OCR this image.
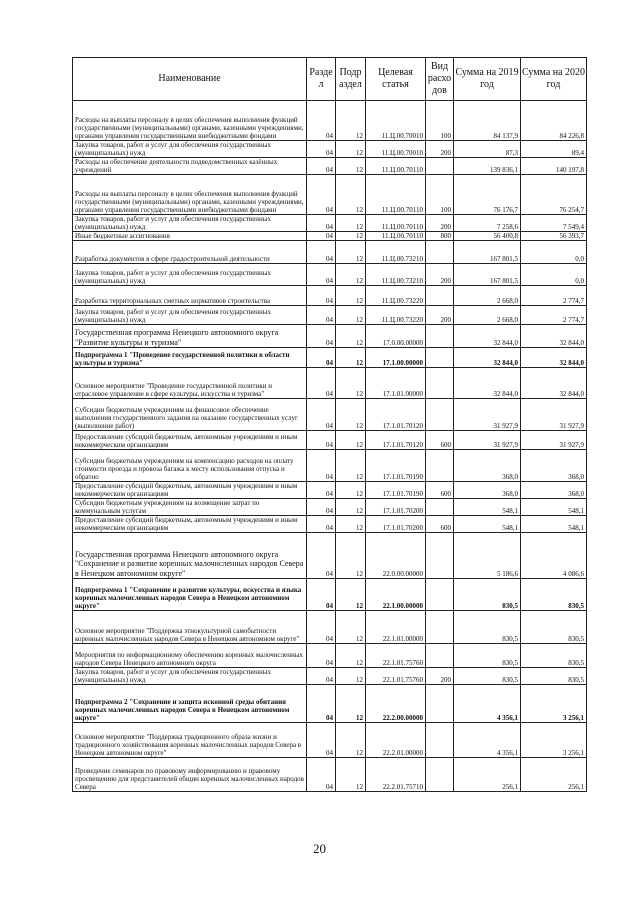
Наименование	Разде л	Подр аздел	Целевая статья	Вид расхо дов	Сумма на 2019 год	Сумма на 2020 год
Расходы на выплаты персоналу в целях обеспечения выполнения функций государственными (муниципальными) органами, казенными учреждениями, органами управления государственными внебюджетными фондами	04	12	11.Ц.00.70010	100	84 137,9	84 226,8
Закупка товаров, работ и услуг для обеспечения государственных (муниципальных) нужд	04	12	11.Ц.00.70010	200	87,3	89,4
Расходы на обеспечение деятельности подведомственных казённых учреждений	04	12	11.Ц.00.70110		139 836,1	140 197,8
Расходы на выплаты персоналу в целях обеспечения выполнения функций государственными (муниципальными) органами, казенными учреждениями, органами управления государственными внебюджетными фондами	04	12	11.Ц.00.70110	100	76 176,7	76 254,7
Закупка товаров, работ и услуг для обеспечения государственных (муниципальных) нужд	04	12	11.Ц.00.70110	200	7 258,6	7 549,4
Иные бюджетные ассигнования	04	12	11.Ц.00.70110	800	56 400,8	56 393,7
Разработка документов в сфере градостроительной деятельности	04	12	11.Ц.00.73210		167 801,5	0,0
Закупка товаров, работ и услуг для обеспечения государственных (муниципальных) нужд	04	12	11.Ц.00.73210	200	167 801,5	0,0
Разработка территориальных сметных нормативов строительства	04	12	11.Ц.00.73220		2 668,0	2 774,7
Закупка товаров, работ и услуг для обеспечения государственных (муниципальных) нужд	04	12	11.Ц.00.73220	200	2 668,0	2 774,7
Государственная программа Ненецкого автономного округа "Развитие культуры и туризма"	04	12	17.0.00.00000		32 844,0	32 844,0
Подпрограмма 1 "Проведение государственной политики в области культуры и туризма"	04	12	17.1.00.00000		32 844,0	32 844,0
Основное мероприятие "Проведение государственной политики и отраслевое управление в сфере культуры, искусства и туризма"	04	12	17.1.01.00000		32 844,0	32 844,0
Субсидии бюджетным учреждениям на финансовое обеспечение выполнения государственного задания на оказание государственных услуг (выполнение работ)	04	12	17.1.01.70120		31 927,9	31 927,9
Предоставление субсидий бюджетным, автономным учреждениям и иным некоммерческим организациям	04	12	17.1.01.70120	600	31 927,9	31 927,9
Субсидии бюджетным учреждениям на компенсацию расходов на оплату стоимости проезда и провоза багажа к месту использования отпуска и обратно	04	12	17.1.01.70190		368,0	368,0
Предоставление субсидий бюджетным, автономным учреждениям и иным некоммерческим организациям	04	12	17.1.01.70190	600	368,0	368,0
Субсидии бюджетным учреждениям на возмещение затрат по коммунальным услугам	04	12	17.1.01.70200		548,1	548,1
Предоставление субсидий бюджетным, автономным учреждениям и иным некоммерческим организациям	04	12	17.1.01.70200	600	548,1	548,1
Государственная программа Ненецкого автономного округа "Сохранение и развитие коренных малочисленных народов Севера в Ненецком автономном округе"	04	12	22.0.00.00000		5 186,6	4 086,6
Подпрограмма 1 "Сохранение и развитие культуры, искусства и языка коренных малочисленных народов Севера в Ненецком автономном округе"	04	12	22.1.00.00000		830,5	830,5
Основное мероприятие "Поддержка этнокультурной самобытности коренных малочисленных народов Севера в Ненецком автономном округе"	04	12	22.1.01.00000		830,5	830,5
Мероприятия по информационному обеспечению коренных малочисленных народов Севера Ненецкого автономного округа	04	12	22.1.01.75760		830,5	830,5
Закупка товаров, работ и услуг для обеспечения государственных (муниципальных) нужд	04	12	22.1.01.75760	200	830,5	830,5
Подпрограмма 2 "Сохранение и защита исконной среды обитания коренных малочисленных народов Севера в Ненецком автономном округе"	04	12	22.2.00.00000		4 356,1	3 256,1
Основное мероприятие "Поддержка традиционного образа жизни и традиционного хозяйствования коренных малочисленных народов Севера в Ненецком автономном округе"	04	12	22.2.01.00000		4 356,1	3 256,1
Проведение семинаров по правовому информированию и правовому просвещению для представителей общин коренных малочисленных народов Севера	04	12	22.2.01.75710		256,1	256,1
20
